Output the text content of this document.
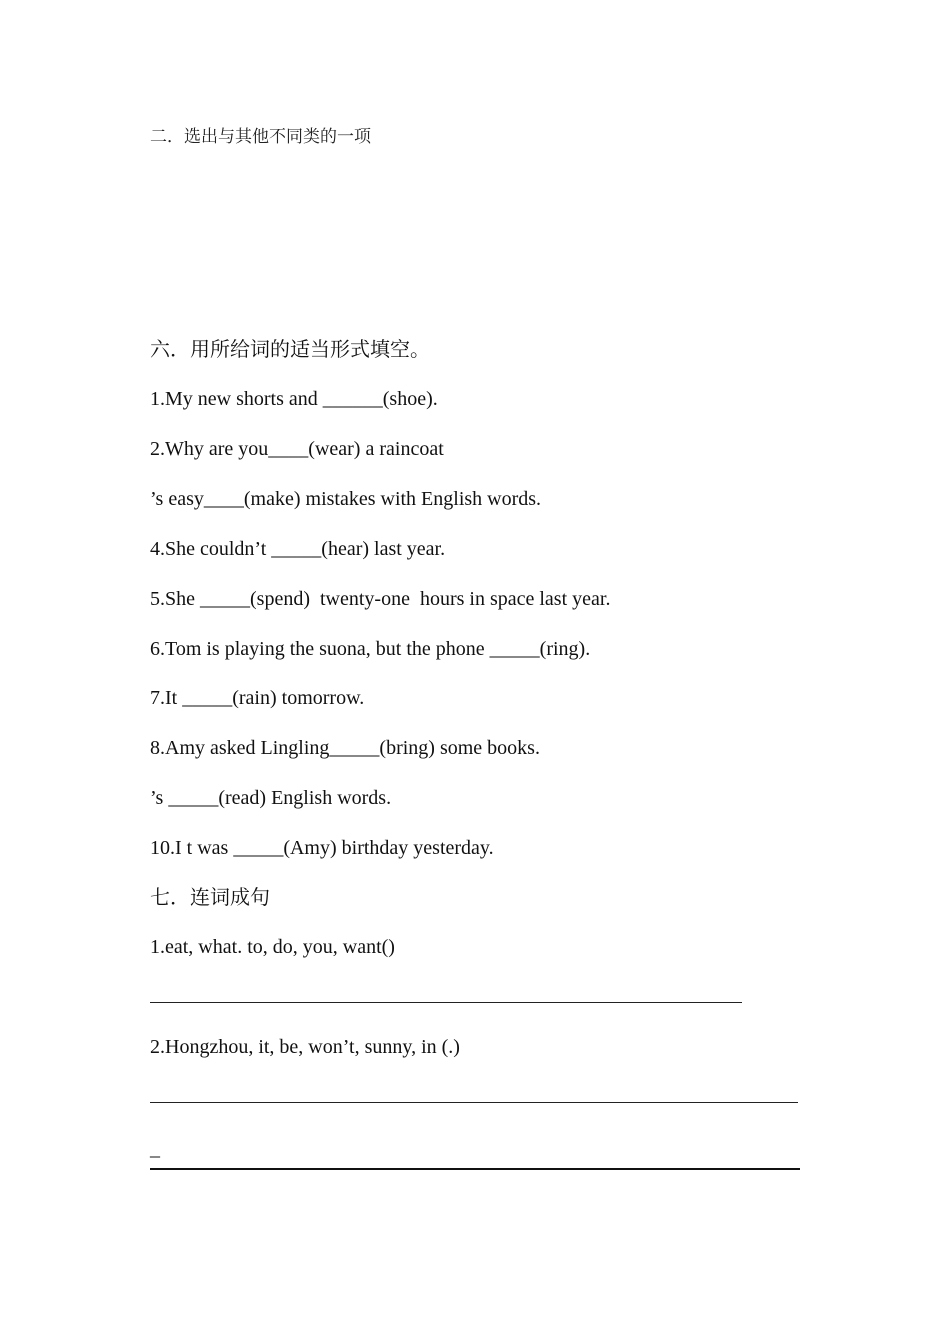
二．选出与其他不同类的一项
六．用所给词的适当形式填空。
1.My new shorts and ______(shoe).
2.Why are you____(wear) a raincoat
’s easy____(make) mistakes with English words.
4.She couldn’t _____(hear) last year.
5.She _____(spend)  twenty-one  hours in space last year.
6.Tom is playing the suona, but the phone _____(ring).
7.It _____(rain) tomorrow.
8.Amy asked Lingling_____(bring) some books.
’s _____(read) English words.
10.I t was _____(Amy) birthday yesterday.
七．连词成句
1.eat, what. to, do, you, want()
2.Hongzhou, it, be, won’t, sunny, in (.)
_
